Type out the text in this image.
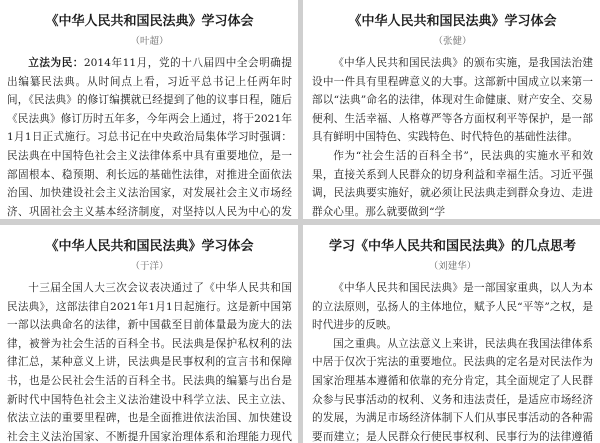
《中华人民共和国民法典》学习体会
（叶超）

立法为民：2014年11月，党的十八届四中全会明确提出编纂民法典。从时间点上看，习近平总书记上任两年时间，《民法典》的修订编撰就已经提到了他的议事日程，随后《民法典》修订历时五年多，今年两会上通过，将于2021年1月1日正式施行。习总书记在中央政治局集体学习时强调：民法典在中国特色社会主义法律体系中具有重要地位，是一部固根本、稳预期、利长远的基础性法律，对推进全面依法治国、加快建设社会主义法治国家，对发展社会主义市场经济、巩固社会主义基本经济制度，对坚持以人民为中心的发

《中华人民共和国民法典》学习体会
（张健）

《中华人民共和国民法典》的颁布实施，是我国法治建设中一件具有里程碑意义的大事。这部新中国成立以来第一部以“法典”命名的法律，体现对生命健康、财产安全、交易便利、生活幸福、人格尊严等各方面权利平等保护，是一部具有鲜明中国特色、实践特色、时代特色的基础性法律。

作为“社会生活的百科全书”，民法典的实施水平和效果，直接关系到人民群众的切身利益和幸福生活。习近平强调，民法典要实施好，就必须让民法典走到群众身边、走进群众心里。那么就要做到“学

《中华人民共和国民法典》学习体会
（于洋）

十三届全国人大三次会议表决通过了《中华人民共和国民法典》，这部法律自2021年1月1日起施行。这是新中国第一部以法典命名的法律，新中国截至目前体量最为庞大的法律，被誉为社会生活的百科全书。民法典是保护私权利的法律汇总，某种意义上讲，民法典是民事权利的宣言书和保障书，也是公民社会生活的百科全书。民法典的编纂与出台是新时代中国特色社会主义法治建设中科学立法、民主立法、依法立法的重要里程碑，也是全面推进依法治国、加快建设社会主义法治国家、不断提升国家治理体系和治理能力现代

学习《中华人民共和国民法典》的几点思考
（刘建华）

《中华人民共和国民法典》是一部国家重典，以人为本的立法原则，弘扬人的主体地位，赋予人民“平等”之权，是时代进步的反映。

国之重典。从立法意义上来讲，民法典在我国法律体系中居于仅次于宪法的重要地位。民法典的定名是对民法作为国家治理基本遵循和依靠的充分肯定，其全面规定了人民群众参与民事活动的权利、义务和违法责任，是适应市场经济的发展，为满足市场经济体制下人们从事民事活动的各种需要而建立；是人民群众行使民事权利、民事行为的法律遵循
